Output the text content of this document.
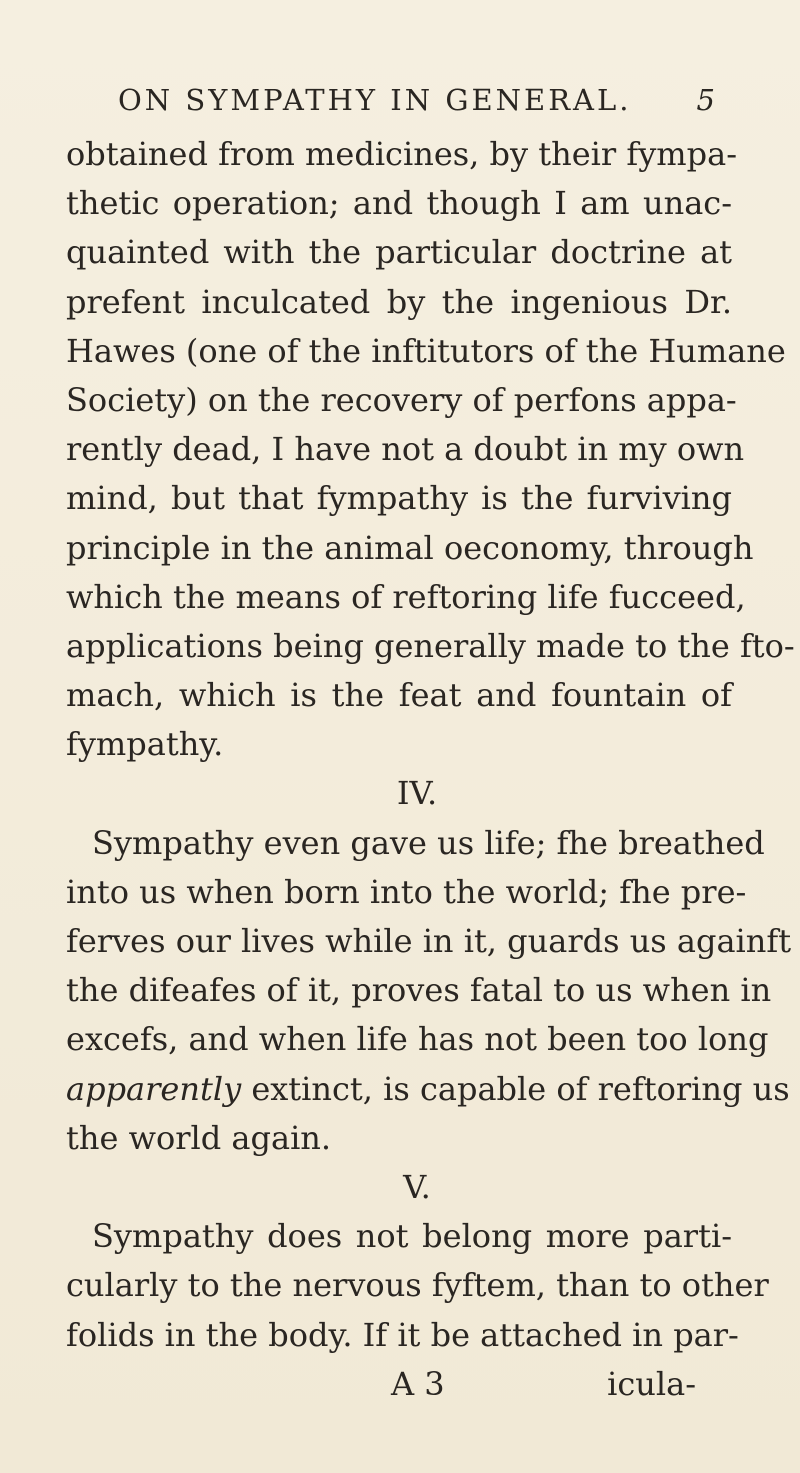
ON SYMPATHY IN GENERAL. 5
obtained from medicines, by their fympa-
thetic operation; and though I am unac-
quainted with the particular doctrine at
prefent inculcated by the ingenious Dr.
Hawes (one of the inftitutors of the Humane
Society) on the recovery of perfons appa-
rently dead, I have not a doubt in my own
mind, but that fympathy is the furviving
principle in the animal oeconomy, through
which the means of reftoring life fucceed,
applications being generally made to the fto-
mach, which is the feat and fountain of
fympathy.
IV.
Sympathy even gave us life; fhe breathed
into us when born into the world; fhe pre-
ferves our lives while in it, guards us againft
the difeafes of it, proves fatal to us when in
excefs, and when life has not been too long
apparently extinct, is capable of reftoring us
the world again.
V.
Sympathy does not belong more parti-
cularly to the nervous fyftem, than to other
folids in the body. If it be attached in par-
A 3	icula-
